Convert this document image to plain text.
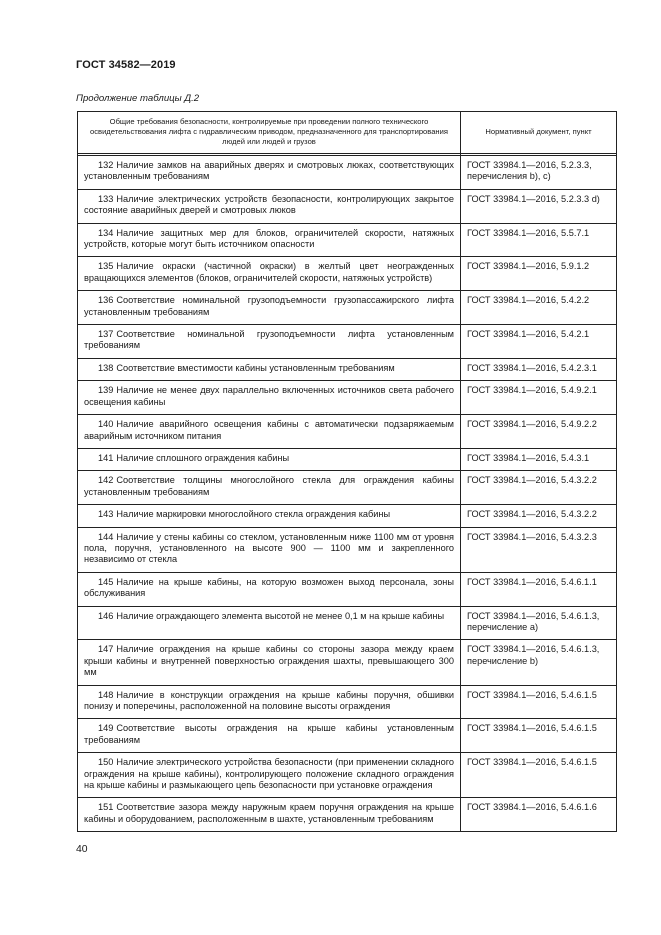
ГОСТ 34582—2019
Продолжение таблицы Д.2
Общие требования безопасности, контролируемые при проведении полного технического освидетельствования лифта с гидравлическим приводом, предназначенного для транспортирования людей или людей и грузов	Нормативный документ, пункт

132 Наличие замков на аварийных дверях и смотровых люках, соответствующих установленным требованиям	ГОСТ 33984.1—2016, 5.2.3.3, перечисления b), c)
133 Наличие электрических устройств безопасности, контролирующих закрытое состояние аварийных дверей и смотровых люков	ГОСТ 33984.1—2016, 5.2.3.3 d)
134 Наличие защитных мер для блоков, ограничителей скорости, натяжных устройств, которые могут быть источником опасности	ГОСТ 33984.1—2016, 5.5.7.1
135 Наличие окраски (частичной окраски) в желтый цвет неогражденных вращающихся элементов (блоков, ограничителей скорости, натяжных устройств)	ГОСТ 33984.1—2016, 5.9.1.2
136 Соответствие номинальной грузоподъемности грузопассажирского лифта установленным требованиям	ГОСТ 33984.1—2016, 5.4.2.2
137 Соответствие номинальной грузоподъемности лифта установленным требованиям	ГОСТ 33984.1—2016, 5.4.2.1
138 Соответствие вместимости кабины установленным требованиям	ГОСТ 33984.1—2016, 5.4.2.3.1
139 Наличие не менее двух параллельно включенных источников света рабочего освещения кабины	ГОСТ 33984.1—2016, 5.4.9.2.1
140 Наличие аварийного освещения кабины с автоматически подзаряжаемым аварийным источником питания	ГОСТ 33984.1—2016, 5.4.9.2.2
141 Наличие сплошного ограждения кабины	ГОСТ 33984.1—2016, 5.4.3.1
142 Соответствие толщины многослойного стекла для ограждения кабины установленным требованиям	ГОСТ 33984.1—2016, 5.4.3.2.2
143 Наличие маркировки многослойного стекла ограждения кабины	ГОСТ 33984.1—2016, 5.4.3.2.2
144 Наличие у стены кабины со стеклом, установленным ниже 1100 мм от уровня пола, поручня, установленного на высоте 900 — 1100 мм и закрепленного независимо от стекла	ГОСТ 33984.1—2016, 5.4.3.2.3
145 Наличие на крыше кабины, на которую возможен выход персонала, зоны обслуживания	ГОСТ 33984.1—2016, 5.4.6.1.1
146 Наличие ограждающего элемента высотой не менее 0,1 м на крыше кабины	ГОСТ 33984.1—2016, 5.4.6.1.3, перечисление a)
147 Наличие ограждения на крыше кабины со стороны зазора между краем крыши кабины и внутренней поверхностью ограждения шахты, превышающего 300 мм	ГОСТ 33984.1—2016, 5.4.6.1.3, перечисление b)
148 Наличие в конструкции ограждения на крыше кабины поручня, обшивки понизу и поперечины, расположенной на половине высоты ограждения	ГОСТ 33984.1—2016, 5.4.6.1.5
149 Соответствие высоты ограждения на крыше кабины установленным требованиям	ГОСТ 33984.1—2016, 5.4.6.1.5
150 Наличие электрического устройства безопасности (при применении складного ограждения на крыше кабины), контролирующего положение складного ограждения на крыше кабины и размыкающего цепь безопасности при установке ограждения	ГОСТ 33984.1—2016, 5.4.6.1.5
151 Соответствие зазора между наружным краем поручня ограждения на крыше кабины и оборудованием, расположенным в шахте, установленным требованиям	ГОСТ 33984.1—2016, 5.4.6.1.6
40
